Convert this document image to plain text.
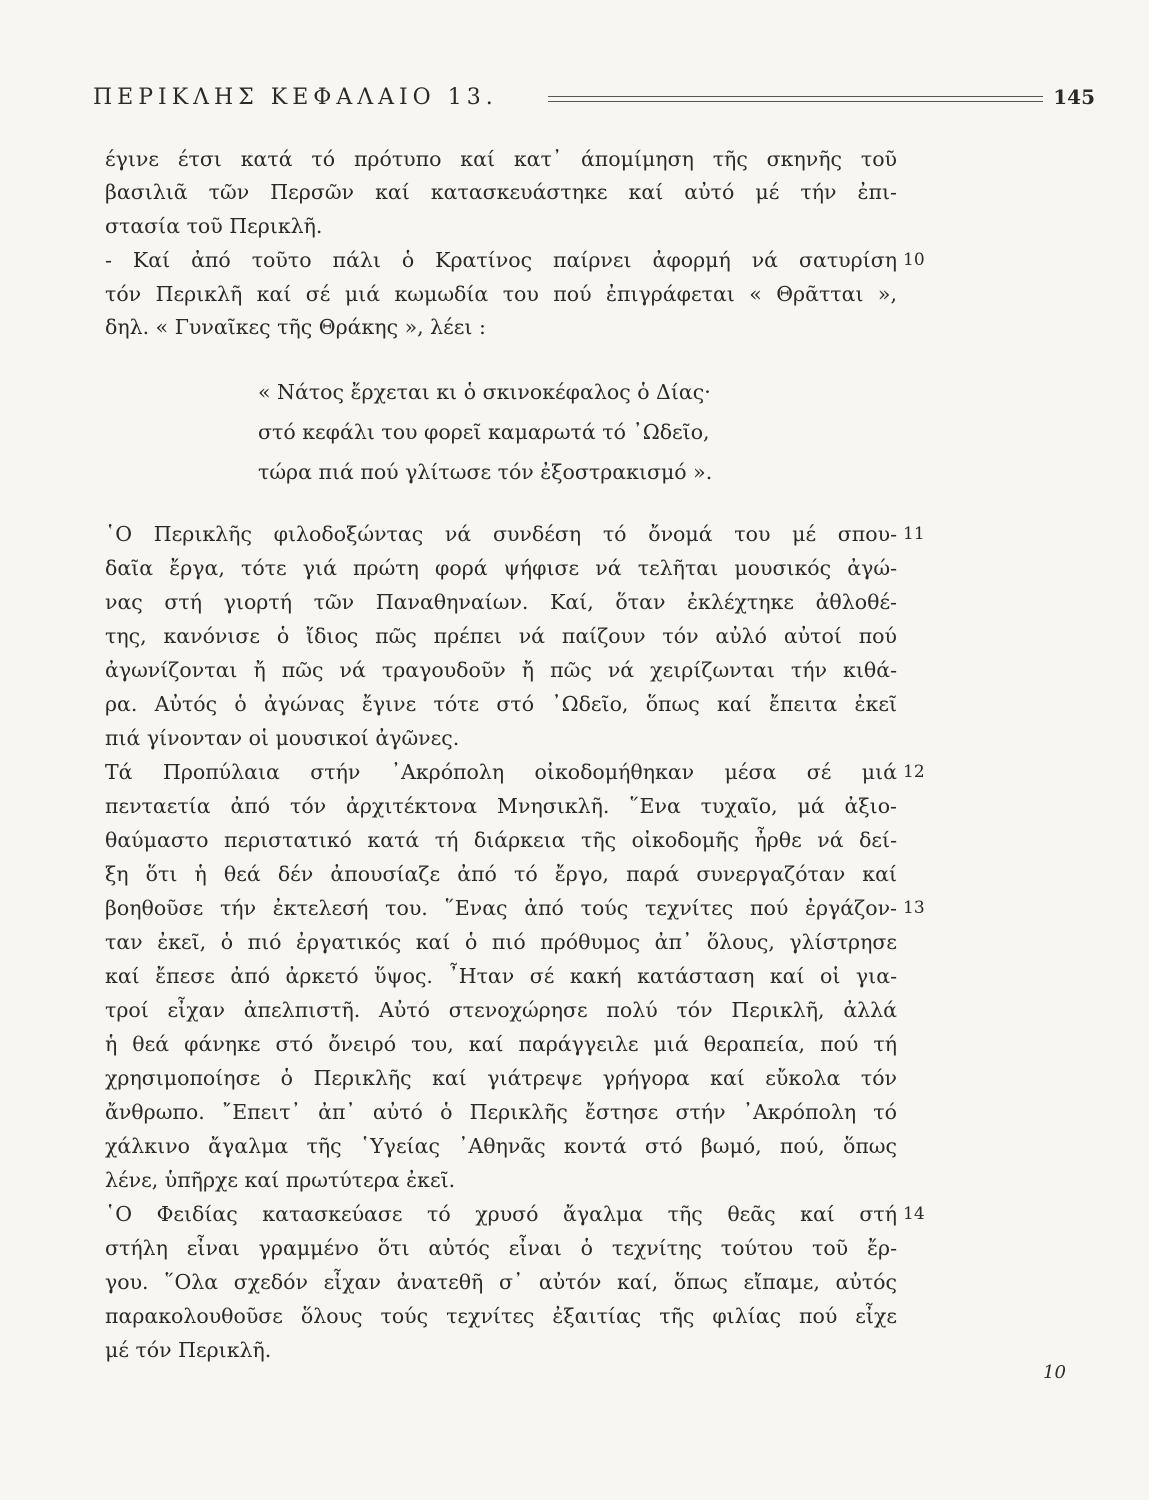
ΠΕΡΙΚΛΗΣ ΚΕΦΑΛΑΙΟ 13.	145
έγινε έτσι κατά τό πρότυπο καί κατ᾽ άπομίμηση τῆς σκηνῆς τοῦ
βασιλιᾶ τῶν Περσῶν καί κατασκευάστηκε καί αὐτό μέ τήν ἐπι-
στασία τοῦ Περικλῆ.
- Καί ἀπό τοῦτο πάλι ὁ Κρατίνος παίρνει ἀφορμή νά σατυρίση
τόν Περικλῆ καί σέ μιά κωμωδία του πού ἐπιγράφεται « Θρᾶτται »,
δηλ. « Γυναῖκες τῆς Θράκης », λέει :
« Νάτος ἔρχεται κι ὁ σκινοκέφαλος ὁ Δίας·
στό κεφάλι του φορεῖ καμαρωτά τό ᾿Ωδεῖο,
τώρα πιά πού γλίτωσε τόν ἐξοστρακισμό ».
῾Ο Περικλῆς φιλοδοξώντας νά συνδέση τό ὄνομά του μέ σπου-
δαῖα ἔργα, τότε γιά πρώτη φορά ψήφισε νά τελῆται μουσικός ἀγώ-
νας στή γιορτή τῶν Παναθηναίων. Καί, ὅταν ἐκλέχτηκε ἀθλοθέ-
της, κανόνισε ὁ ἴδιος πῶς πρέπει νά παίζουν τόν αὐλό αὐτοί πού
ἀγωνίζονται ἤ πῶς νά τραγουδοῦν ἤ πῶς νά χειρίζωνται τήν κιθά-
ρα. Αὐτός ὁ ἀγώνας ἔγινε τότε στό ᾿Ωδεῖο, ὅπως καί ἔπειτα ἐκεῖ
πιά γίνονταν οἱ μουσικοί ἀγῶνες.
Τά Προπύλαια στήν ᾿Ακρόπολη οἰκοδομήθηκαν μέσα σέ μιά
πενταετία ἀπό τόν ἀρχιτέκτονα Μνησικλῆ. ῞Ενα τυχαῖο, μά ἀξιο-
θαύμαστο περιστατικό κατά τή διάρκεια τῆς οἰκοδομῆς ἦρθε νά δεί-
ξη ὅτι ἡ θεά δέν ἀπουσίαζε ἀπό τό ἔργο, παρά συνεργαζόταν καί
βοηθοῦσε τήν ἐκτελεσή του. ῞Ενας ἀπό τούς τεχνίτες πού ἐργάζον-
ταν ἐκεῖ, ὁ πιό ἐργατικός καί ὁ πιό πρόθυμος ἀπ᾽ ὅλους, γλίστρησε
καί ἔπεσε ἀπό ἀρκετό ὕψος. ῏Ηταν σέ κακή κατάσταση καί οἱ για-
τροί εἶχαν ἀπελπιστῆ. Αὐτό στενοχώρησε πολύ τόν Περικλῆ, ἀλλά
ἡ θεά φάνηκε στό ὄνειρό του, καί παράγγειλε μιά θεραπεία, πού τή
χρησιμοποίησε ὁ Περικλῆς καί γιάτρεψε γρήγορα καί εὔκολα τόν
ἄνθρωπο. ῎Επειτ᾽ ἀπ᾽ αὐτό ὁ Περικλῆς ἔστησε στήν ᾿Ακρόπολη τό
χάλκινο ἄγαλμα τῆς ῾Υγείας ᾿Αθηνᾶς κοντά στό βωμό, πού, ὅπως
λένε, ὑπῆρχε καί πρωτύτερα ἐκεῖ.
῾Ο Φειδίας κατασκεύασε τό χρυσό ἄγαλμα τῆς θεᾶς καί στή
στήλη εἶναι γραμμένο ὅτι αὐτός εἶναι ὁ τεχνίτης τούτου τοῦ ἔρ-
γου. ῞Ολα σχεδόν εἶχαν ἀνατεθῆ σ᾽ αὐτόν καί, ὅπως εἴπαμε, αὐτός
παρακολουθοῦσε ὅλους τούς τεχνίτες ἐξαιτίας τῆς φιλίας πού εἶχε
μέ τόν Περικλῆ.
10
11
12
13
14
10
